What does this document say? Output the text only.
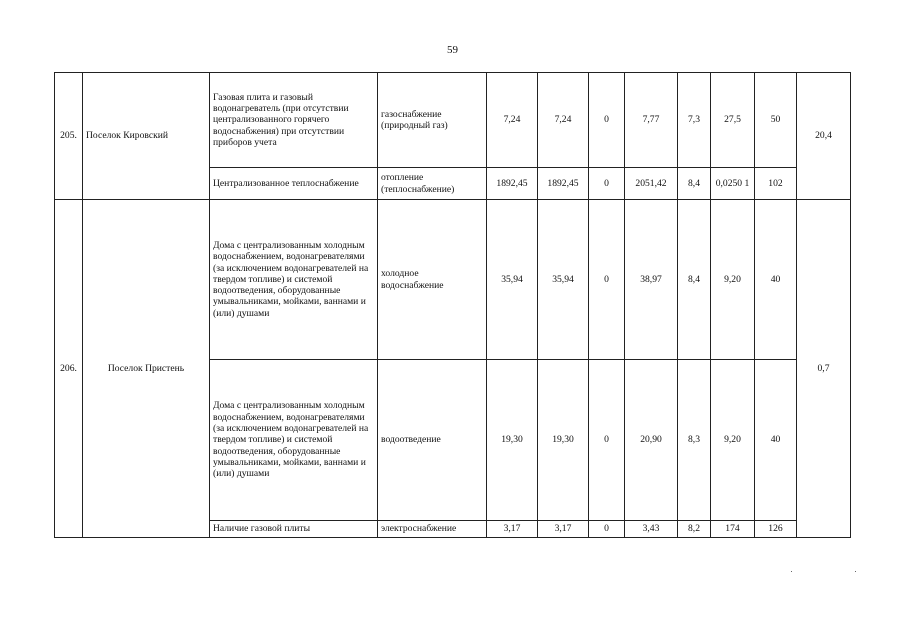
59
205.	Поселок Кировский	Газовая плита и газовый водонагреватель (при отсутствии централизованного горячего водоснабжения) при отсутствии приборов учета	газоснабжение (природный газ)	7,24	7,24	0	7,77	7,3	27,5	50	20,4
		Централизованное теплоснабжение	отопление (теплоснабжение)	1892,45	1892,45	0	2051,42	8,4	0,0250 1	102	
206.	Поселок Пристень	Дома с централизованным холодным водоснабжением, водонагревателями (за исключением водонагревателей на твердом топливе) и системой водоотведения, оборудованные умывальниками, мойками, ваннами и (или) душами	холодное водоснабжение	35,94	35,94	0	38,97	8,4	9,20	40	0,7
		Дома с централизованным холодным водоснабжением, водонагревателями (за исключением водонагревателей на твердом топливе) и системой водоотведения, оборудованные умывальниками, мойками, ваннами и (или) душами	водоотведение	19,30	19,30	0	20,90	8,3	9,20	40	
		Наличие газовой плиты	электроснабжение	3,17	3,17	0	3,43	8,2	174	126	
